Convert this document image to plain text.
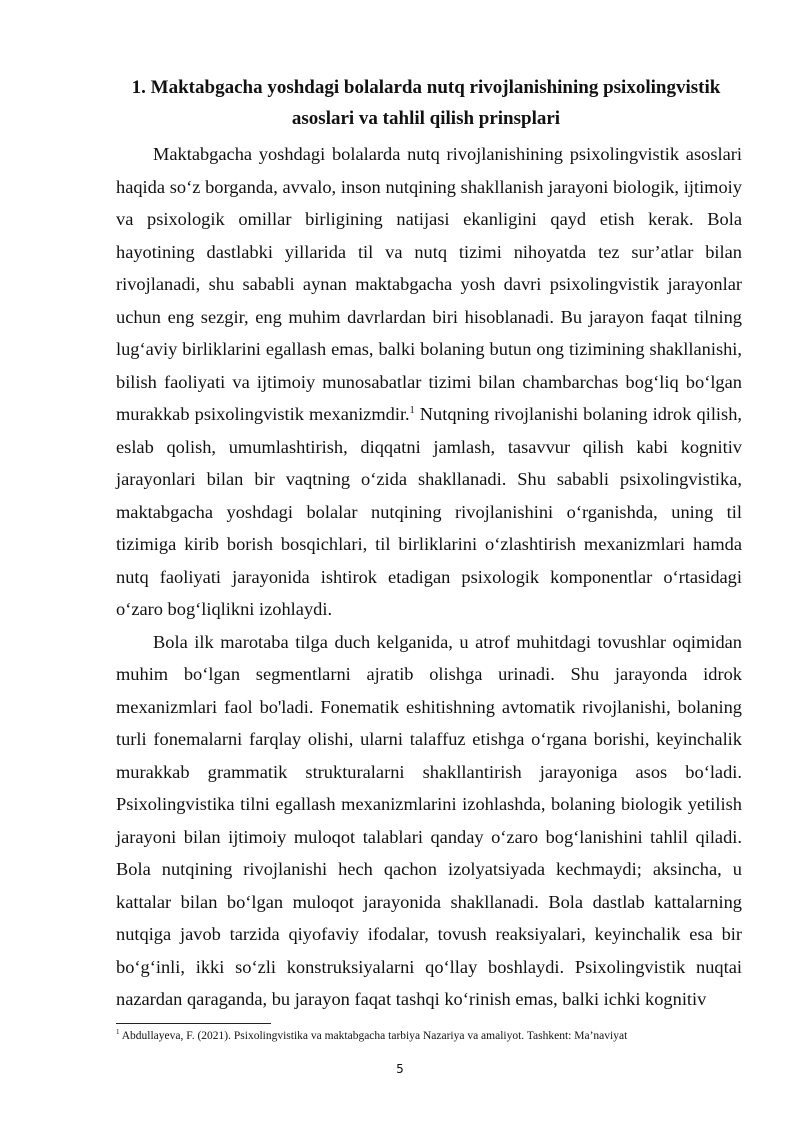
1. Maktabgacha yoshdagi bolalarda nutq rivojlanishining psixolingvistik asoslari va tahlil qilish prinsplari

Maktabgacha yoshdagi bolalarda nutq rivojlanishining psixolingvistik asoslari haqida so‘z borganda, avvalo, inson nutqining shakllanish jarayoni biologik, ijtimoiy va psixologik omillar birligining natijasi ekanligini qayd etish kerak. Bola hayotining dastlabki yillarida til va nutq tizimi nihoyatda tez sur’atlar bilan rivojlanadi, shu sababli aynan maktabgacha yosh davri psixolingvistik jarayonlar uchun eng sezgir, eng muhim davrlardan biri hisoblanadi. Bu jarayon faqat tilning lug‘aviy birliklarini egallash emas, balki bolaning butun ong tizimining shakllanishi, bilish faoliyati va ijtimoiy munosabatlar tizimi bilan chambarchas bog‘liq bo‘lgan murakkab psixolingvistik mexanizmdir.$^1$ Nutqning rivojlanishi bolaning idrok qilish, eslab qolish, umumlashtirish, diqqatni jamlash, tasavvur qilish kabi kognitiv jarayonlari bilan bir vaqtning o‘zida shakllanadi. Shu sababli psixolingvistika, maktabgacha yoshdagi bolalar nutqining rivojlanishini o‘rganishda, uning til tizimiga kirib borish bosqichlari, til birliklarini o‘zlashtirish mexanizmlari hamda nutq faoliyati jarayonida ishtirok etadigan psixologik komponentlar o‘rtasidagi o‘zaro bog‘liqlikni izohlaydi.

Bola ilk marotaba tilga duch kelganida, u atrof muhitdagi tovushlar oqimidan muhim bo‘lgan segmentlarni ajratib olishga urinadi. Shu jarayonda idrok mexanizmlari faol bo'ladi. Fonematik eshitishning avtomatik rivojlanishi, bolaning turli fonemalarni farqlay olishi, ularni talaffuz etishga o‘rgana borishi, keyinchalik murakkab grammatik strukturalarni shakllantirish jarayoniga asos bo‘ladi. Psixolingvistika tilni egallash mexanizmlarini izohlashda, bolaning biologik yetilish jarayoni bilan ijtimoiy muloqot talablari qanday o‘zaro bog‘lanishini tahlil qiladi. Bola nutqining rivojlanishi hech qachon izolyatsiyada kechmaydi; aksincha, u kattalar bilan bo‘lgan muloqot jarayonida shakllanadi. Bola dastlab kattalarning nutqiga javob tarzida qiyofaviy ifodalar, tovush reaksiyalari, keyinchalik esa bir bo‘g‘inli, ikki so‘zli konstruksiyalarni qo‘llay boshlaydi. Psixolingvistik nuqtai nazardan qaraganda, bu jarayon faqat tashqi ko‘rinish emas, balki ichki kognitiv

$^1$ Abdullayeva, F. (2021). Psixolingvistika va maktabgacha tarbiya Nazariya va amaliyot. Tashkent: Ma’naviyat
5
